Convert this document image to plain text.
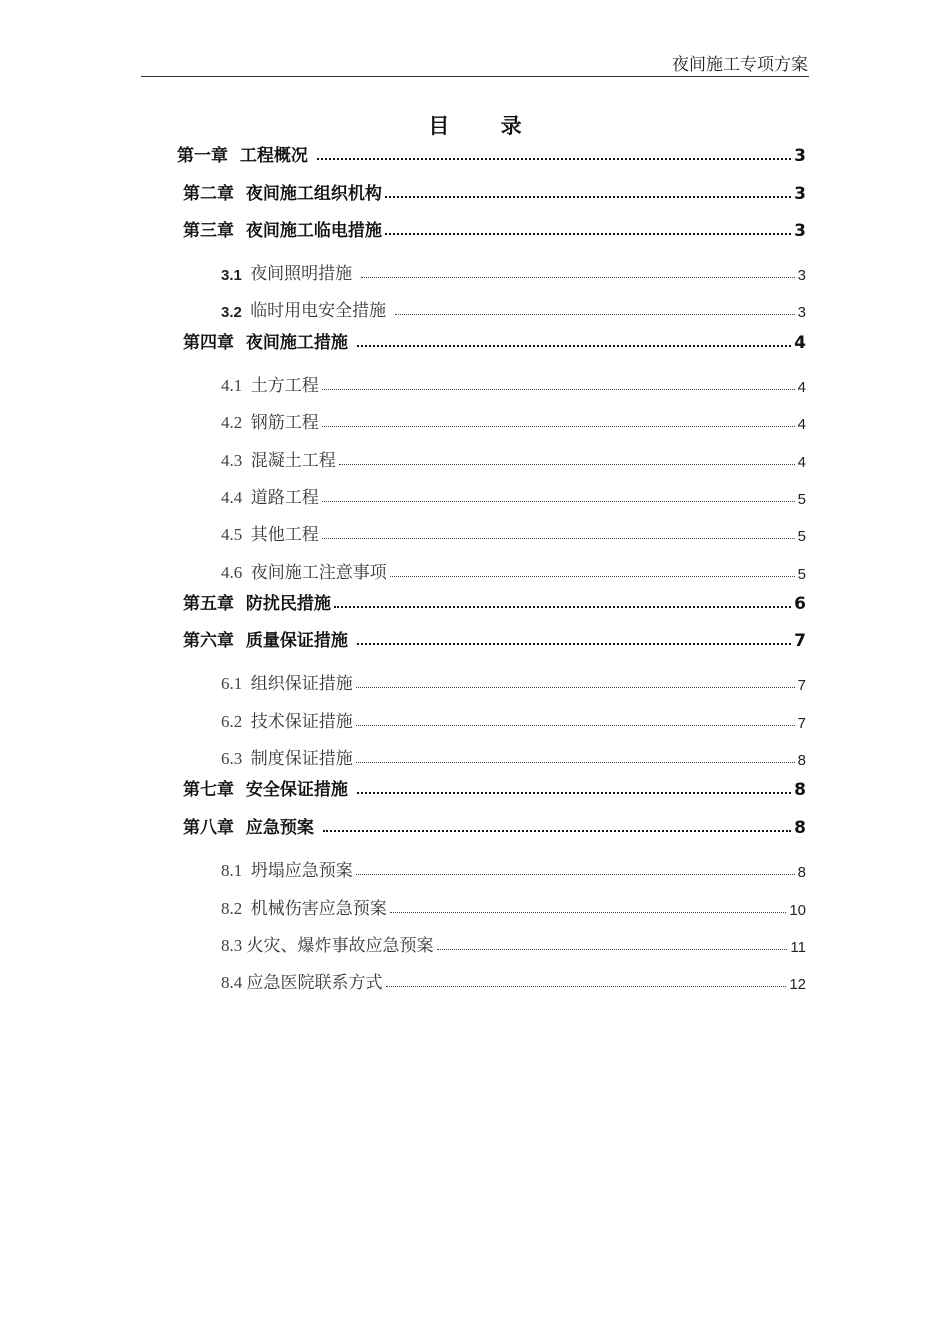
夜间施工专项方案
目 录
第一章 工程概况	3
第二章 夜间施工组织机构	3
第三章 夜间施工临电措施	3
3.1 夜间照明措施	3
3.2 临时用电安全措施	3
第四章 夜间施工措施	4
4.1 土方工程	4
4.2 钢筋工程	4
4.3 混凝土工程	4
4.4 道路工程	5
4.5 其他工程	5
4.6 夜间施工注意事项	5
第五章 防扰民措施	6
第六章 质量保证措施	7
6.1 组织保证措施	7
6.2 技术保证措施	7
6.3 制度保证措施	8
第七章 安全保证措施	8
第八章 应急预案	8
8.1 坍塌应急预案	8
8.2 机械伤害应急预案	10
8.3 火灾、爆炸事故应急预案	11
8.4 应急医院联系方式	12
